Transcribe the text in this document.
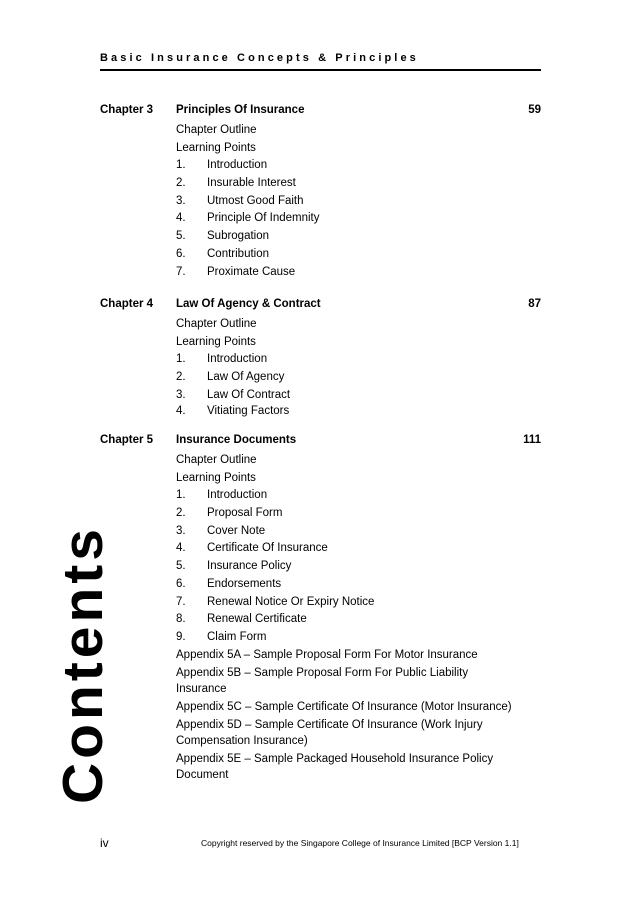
Basic Insurance Concepts & Principles
Chapter 3 Principles Of Insurance	59
Chapter Outline
Learning Points
1.	Introduction
2.	Insurable Interest
3.	Utmost Good Faith
4.	Principle Of Indemnity
5.	Subrogation
6.	Contribution
7.	Proximate Cause
Chapter 4 Law Of Agency & Contract	87
Chapter Outline
Learning Points
1.	Introduction
2.	Law Of Agency
3.	Law Of Contract
4.	Vitiating Factors
Chapter 5 Insurance Documents	111
Chapter Outline
Learning Points
1.	Introduction
2.	Proposal Form
3.	Cover Note
4.	Certificate Of Insurance
5.	Insurance Policy
6.	Endorsements
7.	Renewal Notice Or Expiry Notice
8.	Renewal Certificate
9.	Claim Form
Appendix 5A – Sample Proposal Form For Motor Insurance
Appendix 5B – Sample Proposal Form For Public Liability Insurance
Appendix 5C – Sample Certificate Of Insurance (Motor Insurance)
Appendix 5D – Sample Certificate Of Insurance (Work Injury Compensation Insurance)
Appendix 5E – Sample Packaged Household Insurance Policy Document
Contents
iv	Copyright reserved by the Singapore College of Insurance Limited [BCP Version 1.1]
